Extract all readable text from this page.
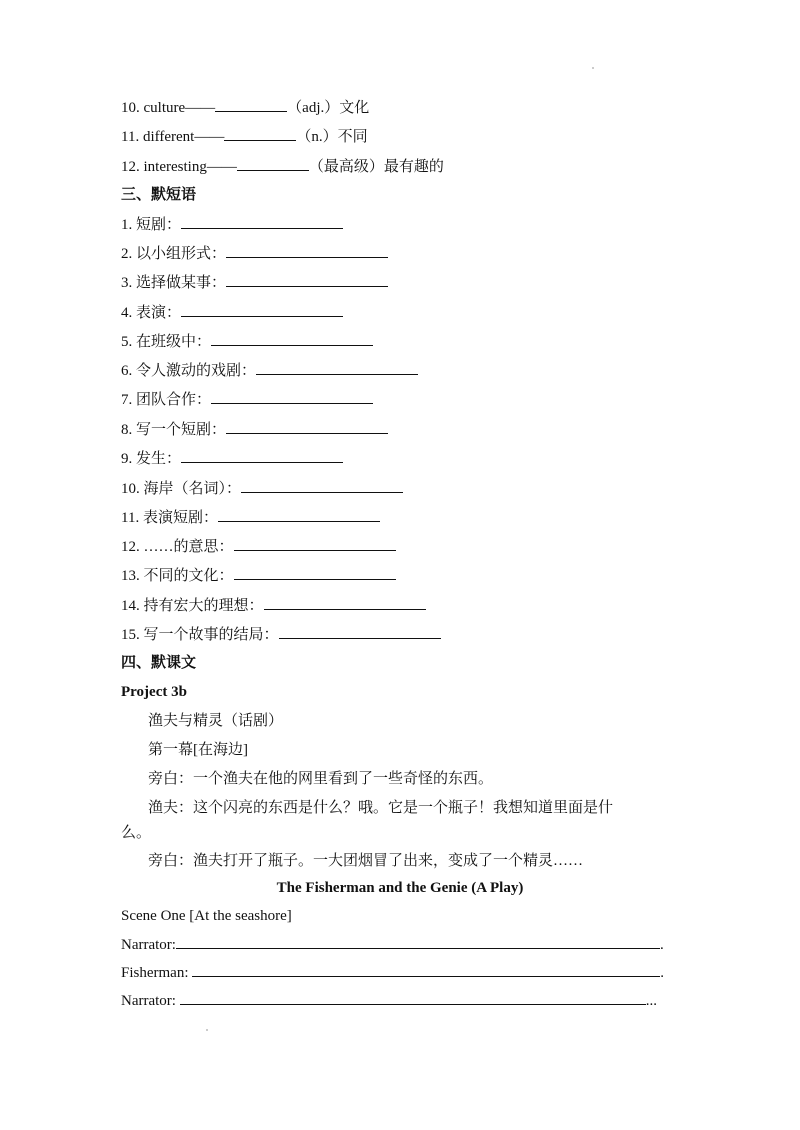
10. culture——	（adj.）文化
11. different——	（n.）不同
12. interesting——	（最高级）最有趣的
三、默短语
1. 短剧：
2. 以小组形式：
3. 选择做某事：
4. 表演：
5. 在班级中：
6. 令人激动的戏剧：
7. 团队合作：
8. 写一个短剧：
9. 发生：
10. 海岸（名词）：
11. 表演短剧：
12. ……的意思：
13. 不同的文化：
14. 持有宏大的理想：
15. 写一个故事的结局：
四、默课文
Project 3b
渔夫与精灵（话剧）
第一幕[在海边]
旁白：一个渔夫在他的网里看到了一些奇怪的东西。
渔夫：这个闪亮的东西是什么？哦。它是一个瓶子！我想知道里面是什
么。
旁白：渔夫打开了瓶子。一大团烟冒了出来，变成了一个精灵……
The Fisherman and the Genie (A Play)
Scene One [At the seashore]
Narrator:	.
Fisherman:	.
Narrator:	...
